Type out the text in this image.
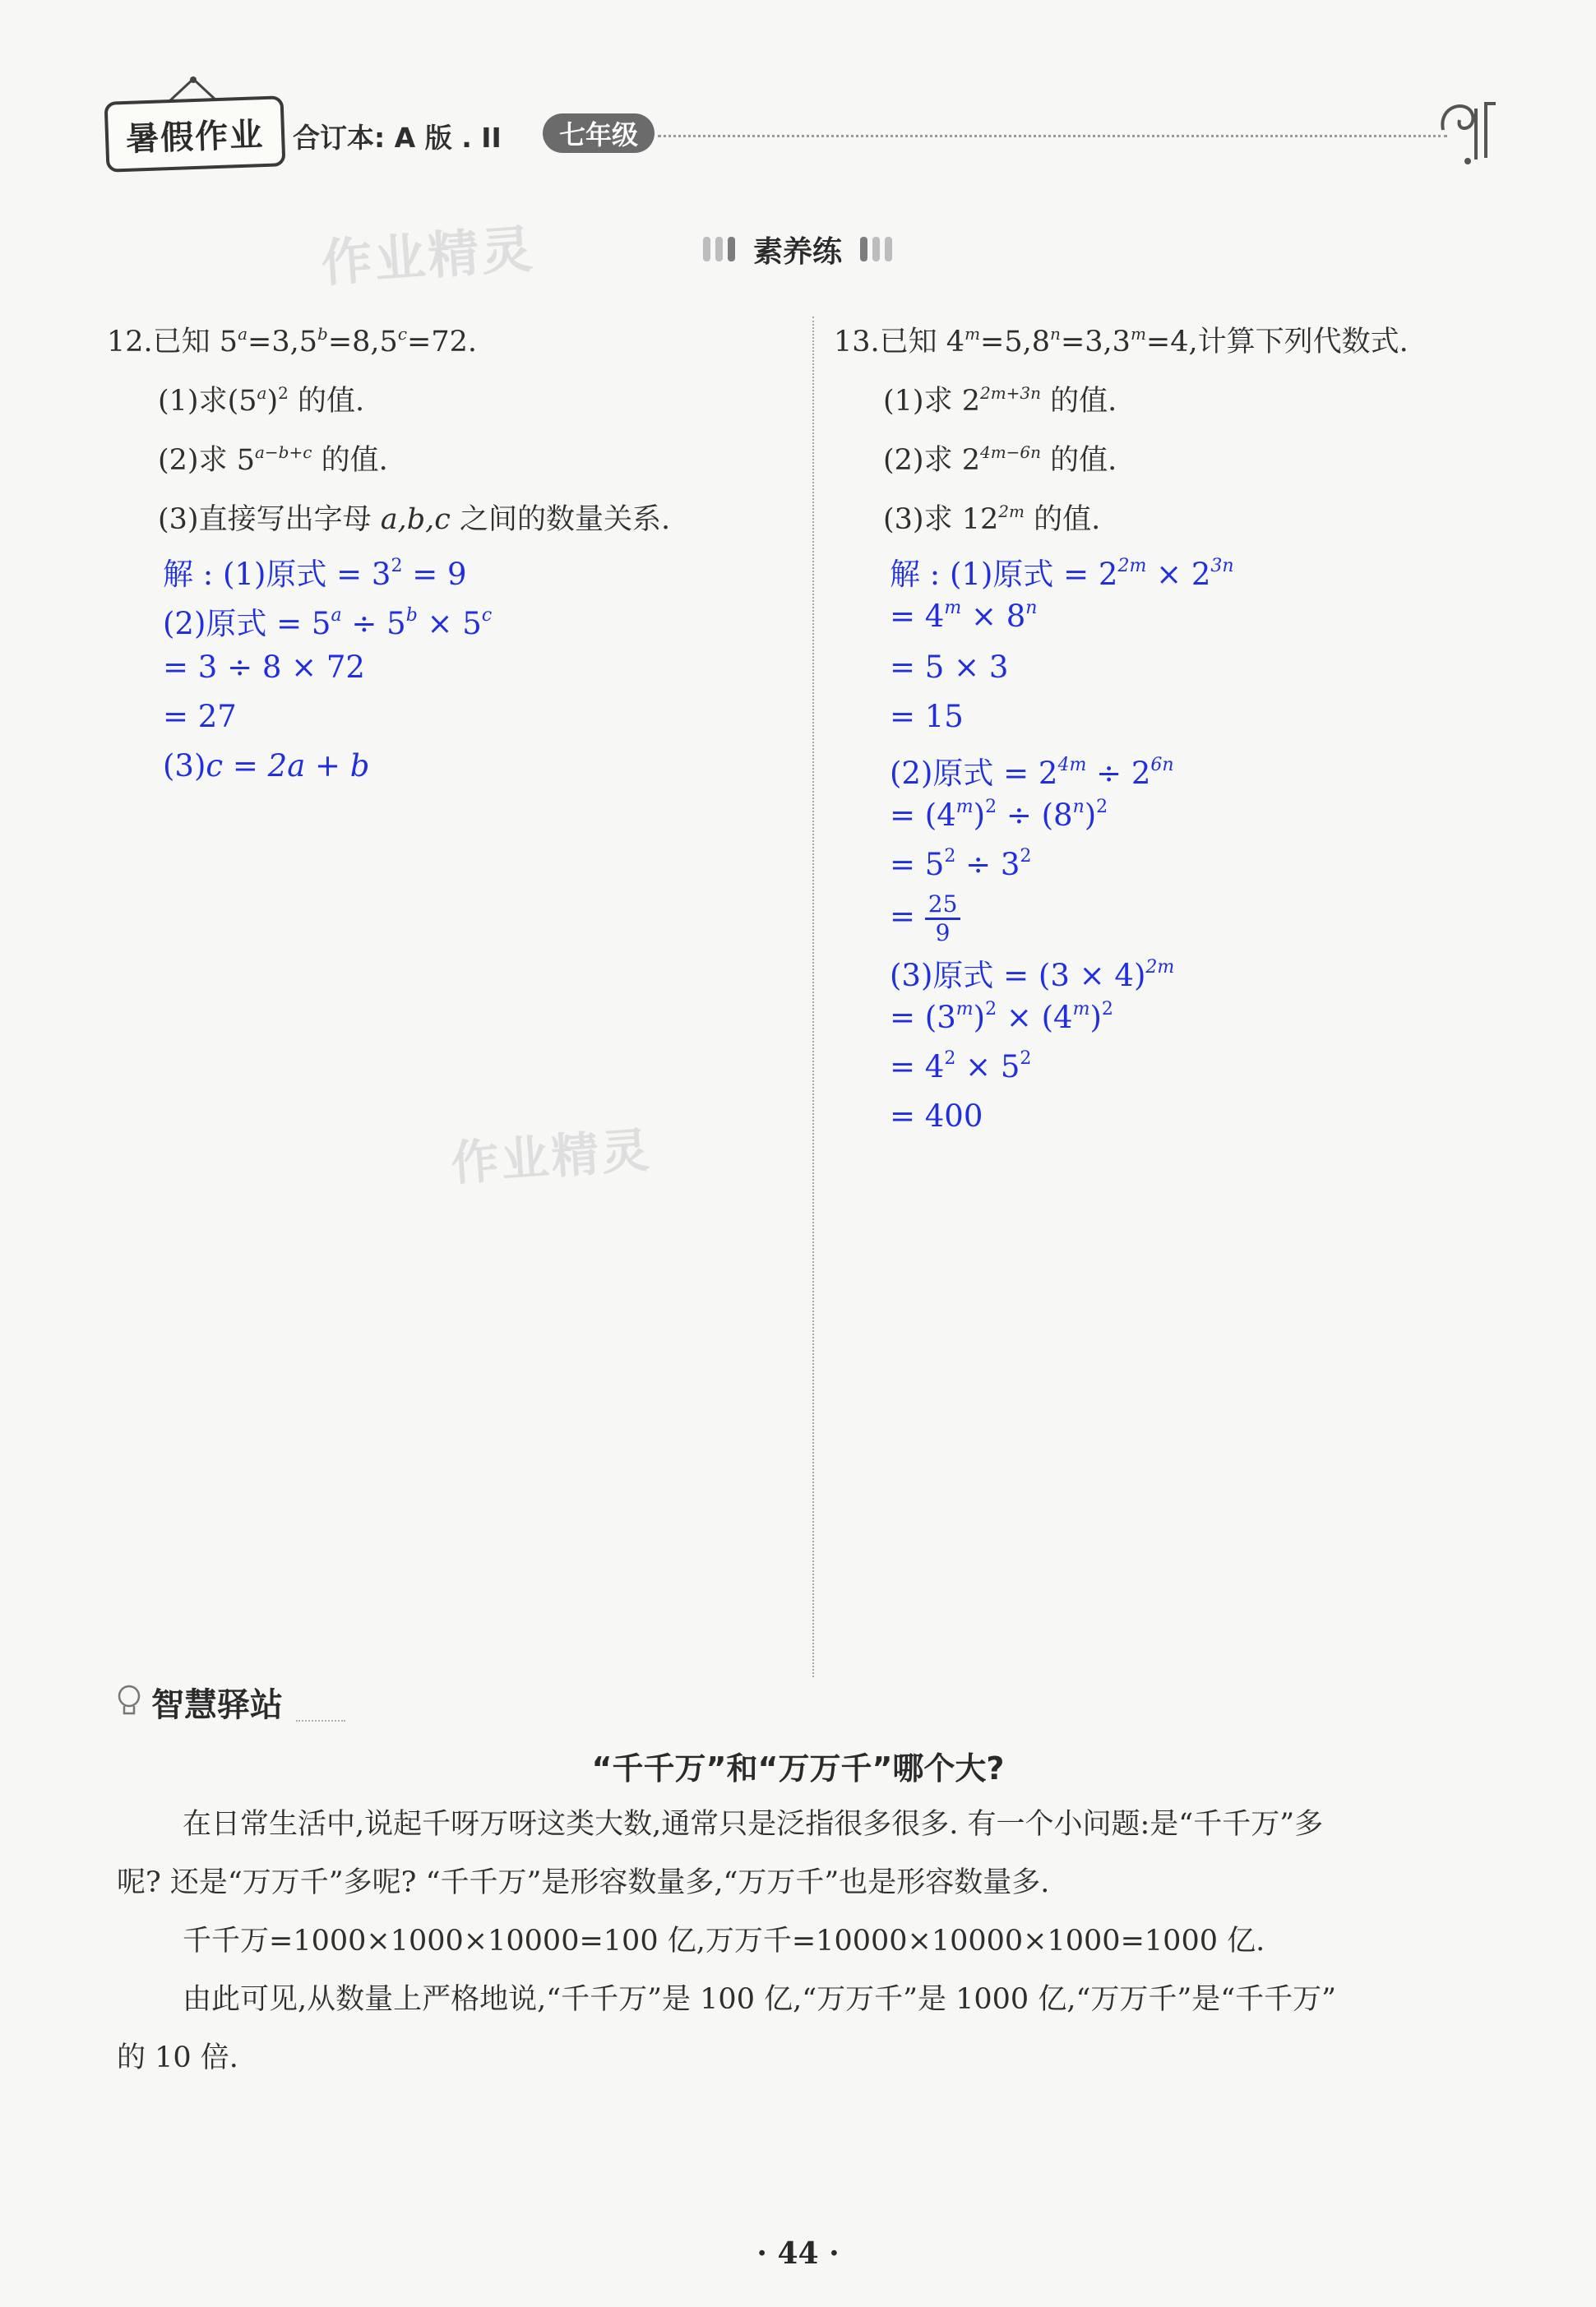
暑假作业 合订本: A 版 . II 七年级
作业精灵	素养练
12.已知 $5^a=3,5^b=8,5^c=72$.
(1)求$(5^a)^2$ 的值.
(2)求 $5^{a-b+c}$ 的值.
(3)直接写出字母 a,b,c 之间的数量关系.
解 : (1)原式 = $3^2 = 9$
(2)原式 = $5^a \div 5^b \times 5^c$
= 3 ÷ 8 × 72
= 27
(3)c = 2a + b
13.已知 $4^m=5,8^n=3,3^m=4$,计算下列代数式.
(1)求 $2^{2m+3n}$ 的值.
(2)求 $2^{4m-6n}$ 的值.
(3)求 $12^{2m}$ 的值.
解 : (1)原式 = $2^{2m} \times 2^{3n}$
= $4^m \times 8^n$
= 5 × 3
= 15
(2)原式 = $2^{4m} \div 2^{6n}$
= $(4^m)^2 \div (8^n)^2$
= $5^2 \div 3^2$
= $\frac{25}{9}$
(3)原式 = $(3 \times 4)^{2m}$
= $(3^m)^2 \times (4^m)^2$
= $4^2 \times 5^2$
= 400
作业精灵
智慧驿站
“千千万”和“万万千”哪个大?

在日常生活中,说起千呀万呀这类大数,通常只是泛指很多很多. 有一个小问题:是“千千万”多

呢? 还是“万万千”多呢? “千千万”是形容数量多,“万万千”也是形容数量多.

千千万=1000×1000×10000=100 亿,万万千=10000×10000×1000=1000 亿.

由此可见,从数量上严格地说,“千千万”是 100 亿,“万万千”是 1000 亿,“万万千”是“千千万”

的 10 倍.

· 44 ·
